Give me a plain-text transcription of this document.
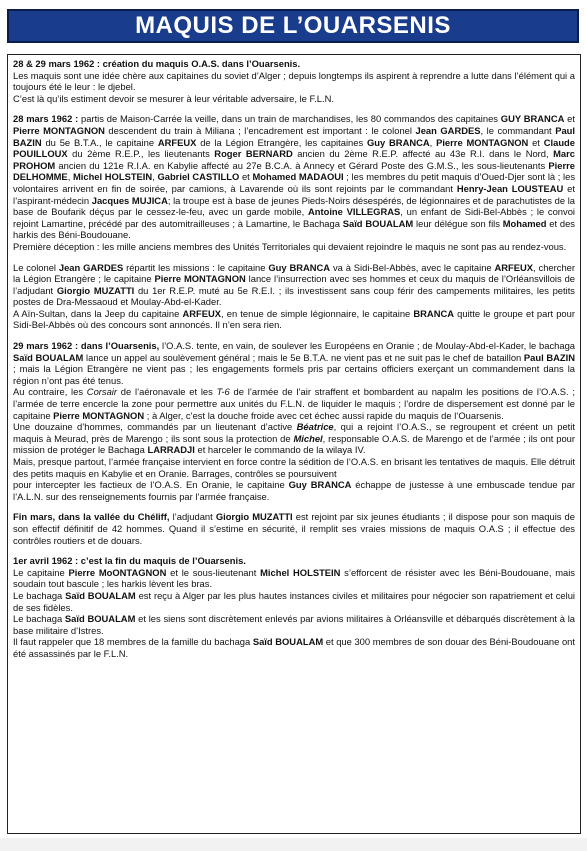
MAQUIS DE L’OUARSENIS

28 & 29 mars 1962 : création du maquis O.A.S. dans l’Ouarsenis.
Les maquis sont une idée chère aux capitaines du soviet d’Alger ; depuis longtemps ils aspirent à reprendre a lutte dans l’élément qui a toujours été le leur : le djebel.
C’est là qu’ils estiment devoir se mesurer à leur véritable adversaire, le F.L.N.

28 mars 1962 : partis de Maison-Carrée la veille, dans un train de marchandises, les 80 commandos des capitaines GUY BRANCA et Pierre MONTAGNON descendent du train à Miliana ; l’encadrement est important : le colonel Jean GARDES, le commandant Paul BAZIN du 5e B.T.A., le capitaine ARFEUX de la Légion Etrangère, les capitaines Guy BRANCA, Pierre MONTAGNON et Claude POUILLOUX du 2ème R.E.P., les lieutenants Roger BERNARD ancien du 2ème R.E.P. affecté au 43e R.I. dans le Nord, Marc PROHOM ancien du 121e R.I.A. en Kabylie affecté au 27e B.C.A. à Annecy et Gérard Poste des G.M.S., les sous-lieutenants Pierre DELHOMME, Michel HOLSTEIN, Gabriel CASTILLO et Mohamed MADAOUI ; les membres du petit maquis d’Oued-Djer sont là ; les volontaires arrivent en fin de soirée, par camions, à Lavarende où ils sont rejoints par le commandant Henry-Jean LOUSTEAU et l’aspirant-médecin Jacques MUJICA; la troupe est à base de jeunes Pieds-Noirs désespérés, de légionnaires et de parachutistes de la base de Boufarik déçus par le cessez-le-feu, avec un garde mobile, Antoine VILLEGRAS, un enfant de Sidi-Bel-Abbès ; le convoi rejoint Lamartine, précédé par des automitrailleuses ; à Lamartine, le Bachaga Saïd BOUALAM leur délégue son fils Mohamed et des harkis des Béni-Boudouane.
Première déception : les mille anciens membres des Unités Territoriales qui devaient rejoindre le maquis ne sont pas au rendez-vous.

Le colonel Jean GARDES répartit les missions : le capitaine Guy BRANCA va à Sidi-Bel-Abbès, avec le capitaine ARFEUX, chercher la Légion Etrangère ; le capitaine Pierre MONTAGNON lance l’insurrection avec ses hommes et ceux du maquis de l’Orléansvillois de l’adjudant Giorgio MUZATTI du 1er R.E.P. muté au 5e R.E.I. ; ils investissent sans coup férir des campements militaires, les petits postes de Dra-Messaoud et Moulay-Abd-el-Kader.
A Aïn-Sultan, dans la Jeep du capitaine ARFEUX, en tenue de simple légionnaire, le capitaine BRANCA quitte le groupe et part pour Sidi-Bel-Abbès où des concours sont annoncés. Il n’en sera rien.

29 mars 1962 : dans l’Ouarsenis, l’O.A.S. tente, en vain, de soulever les Européens en Oranie ; de Moulay-Abd-el-Kader, le bachaga Saïd BOUALAM lance un appel au soulèvement général ; mais le 5e B.T.A. ne vient pas et ne suit pas le chef de bataillon Paul BAZIN ; mais la Légion Etrangère ne vient pas ; les engagements formels pris par certains officiers exerçant un commandement dans la région n’ont pas été tenus.
Au contraire, les Corsair de l’aéronavale et les T-6 de l’armée de l’air straffent et bombardent au napalm les positions de l’O.A.S. ; l’armée de terre encercle la zone pour permettre aux unités du F.L.N. de liquider le maquis ; l’ordre de dispersement est donné par le capitaine Pierre MONTAGNON ; à Alger, c’est la douche froide avec cet échec aussi rapide du maquis de l’Ouarsenis.
Une douzaine d’hommes, commandés par un lieutenant d’active Béatrice, qui a rejoint l’O.A.S., se regroupent et créent un petit maquis à Meurad, près de Marengo ; ils sont sous la protection de Michel, responsable O.A.S. de Marengo et de l’armée ; ils ont pour mission de protéger le Bachaga LARRADJI et harceler le commando de la wilaya IV.
Mais, presque partout, l’armée française intervient en force contre la sédition de l’O.A.S. en brisant les tentatives de maquis. Elle détruit des petits maquis en Kabylie et en Oranie. Barrages, contrôles se poursuivent
pour intercepter les factieux de l’O.A.S. En Oranie, le capitaine Guy BRANCA échappe de justesse à une embuscade tendue par l’A.L.N. sur des renseignements fournis par l’armée française.

Fin mars, dans la vallée du Chéliff, l’adjudant Giorgio MUZATTI est rejoint par six jeunes étudiants ; il dispose pour son maquis de son effectif définitif de 42 hommes. Quand il s’estime en sécurité, il remplit ses vraies missions de maquis O.A.S ; il effectue des contrôles routiers et de douars.

1er avril 1962 : c’est la fin du maquis de l’Ouarsenis.
Le capitaine Pierre MoONTAGNON et le sous-lieutenant Michel HOLSTEIN s’efforcent de résister avec les Béni-Boudouane, mais soudain tout bascule ; les harkis lèvent les bras.
Le bachaga Saïd BOUALAM est reçu à Alger par les plus hautes instances civiles et militaires pour négocier son rapatriement et celui de ses fidèles.
Le bachaga Saïd BOUALAM et les siens sont discrètement enlevés par avions militaires à Orléansville et débarqués discrètement à la base militaire d’Istres.
Il faut rappeler que 18 membres de la famille du bachaga Saïd BOUALAM et que 300 membres de son douar des Béni-Boudouane ont été assassinés par le F.L.N.
